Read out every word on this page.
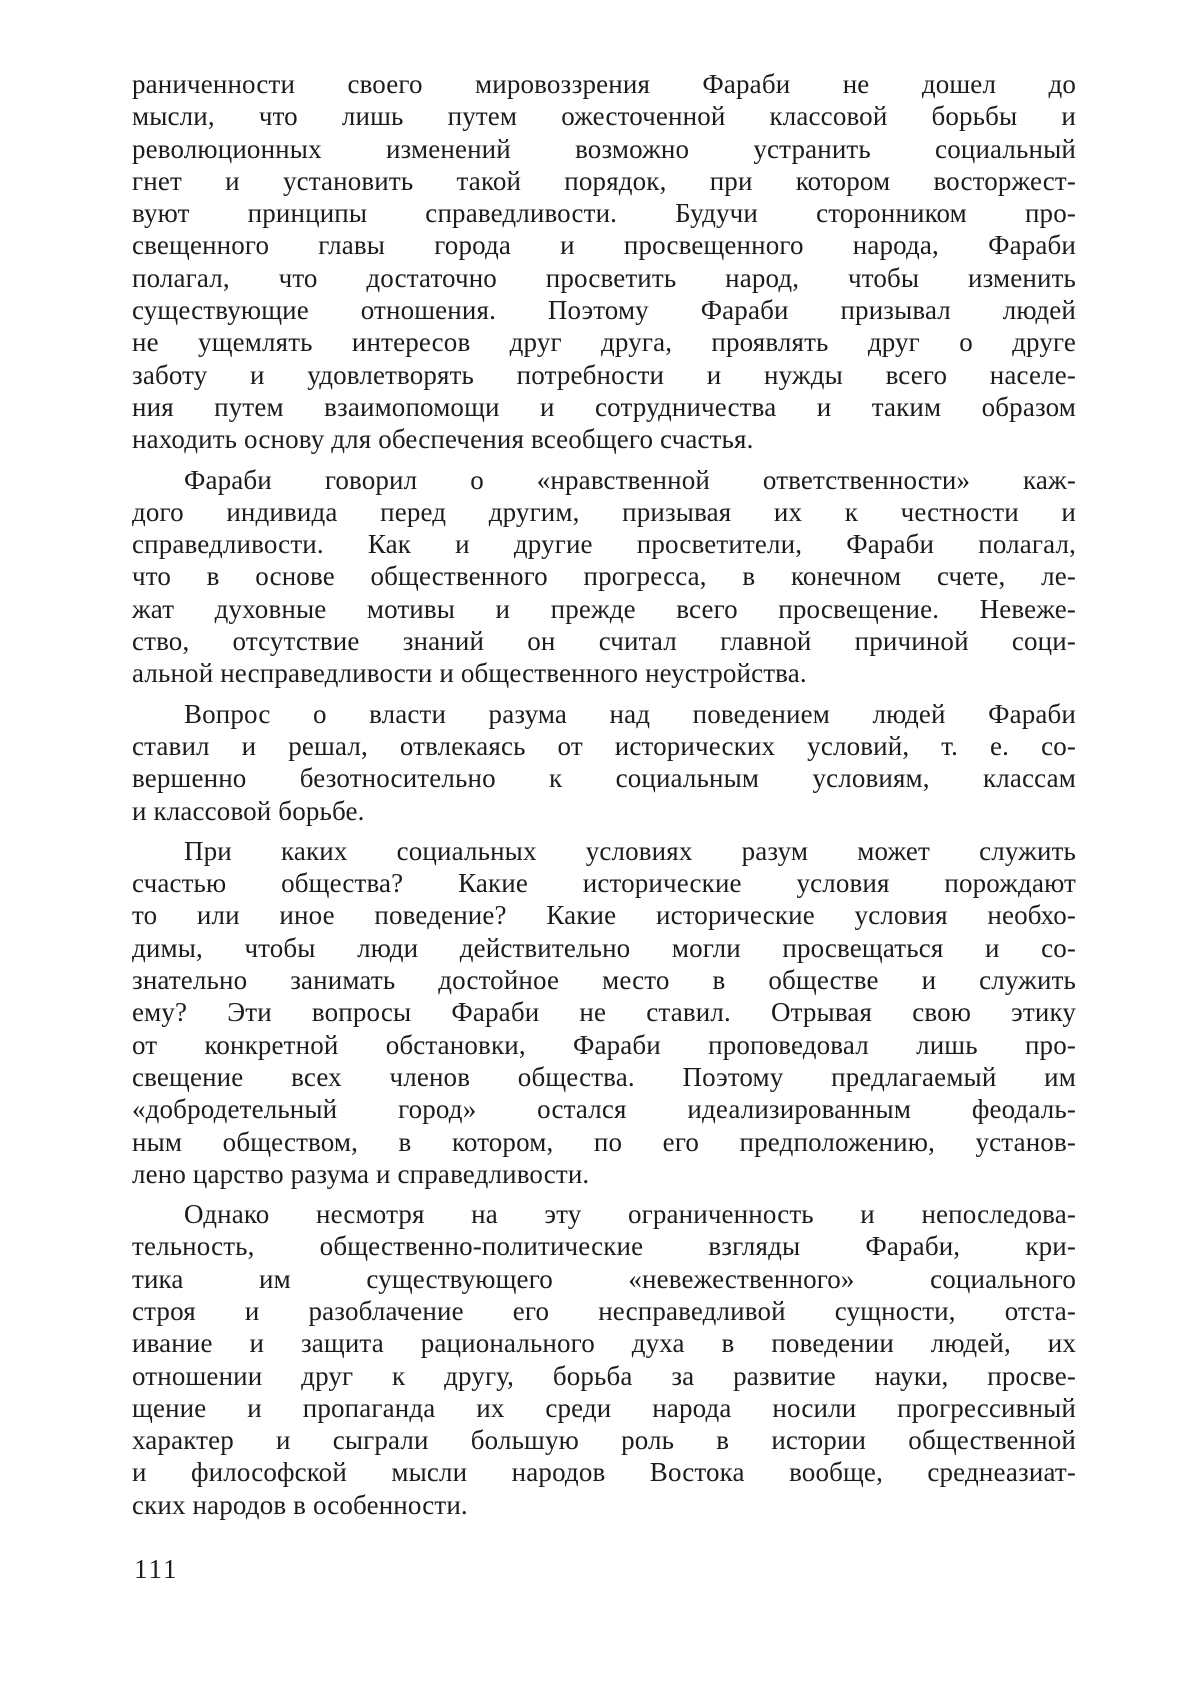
раниченности своего мировоззрения Фараби не дошел до
мысли, что лишь путем ожесточенной классовой борьбы и
революционных изменений возможно устранить социальный
гнет и установить такой порядок, при котором восторжест-
вуют принципы справедливости. Будучи сторонником про-
свещенного главы города и просвещенного народа, Фараби
полагал, что достаточно просветить народ, чтобы изменить
существующие отношения. Поэтому Фараби призывал людей
не ущемлять интересов друг друга, проявлять друг о друге
заботу и удовлетворять потребности и нужды всего населе-
ния путем взаимопомощи и сотрудничества и таким образом
находить основу для обеспечения всеобщего счастья.
Фараби говорил о «нравственной ответственности» каж-
дого индивида перед другим, призывая их к честности и
справедливости. Как и другие просветители, Фараби полагал,
что в основе общественного прогресса, в конечном счете, ле-
жат духовные мотивы и прежде всего просвещение. Невеже-
ство, отсутствие знаний он считал главной причиной соци-
альной несправедливости и общественного неустройства.
Вопрос о власти разума над поведением людей Фараби
ставил и решал, отвлекаясь от исторических условий, т. е. со-
вершенно безотносительно к социальным условиям, классам
и классовой борьбе.
При каких социальных условиях разум может служить
счастью общества? Какие исторические условия порождают
то или иное поведение? Какие исторические условия необхо-
димы, чтобы люди действительно могли просвещаться и со-
знательно занимать достойное место в обществе и служить
ему? Эти вопросы Фараби не ставил. Отрывая свою этику
от конкретной обстановки, Фараби проповедовал лишь про-
свещение всех членов общества. Поэтому предлагаемый им
«добродетельный город» остался идеализированным феодаль-
ным обществом, в котором, по его предположению, установ-
лено царство разума и справедливости.
Однако несмотря на эту ограниченность и непоследова-
тельность, общественно-политические взгляды Фараби, кри-
тика им существующего «невежественного» социального
строя и разоблачение его несправедливой сущности, отста-
ивание и защита рационального духа в поведении людей, их
отношении друг к другу, борьба за развитие науки, просве-
щение и пропаганда их среди народа носили прогрессивный
характер и сыграли большую роль в истории общественной
и философской мысли народов Востока вообще, среднеазиат-
ских народов в особенности.
111
